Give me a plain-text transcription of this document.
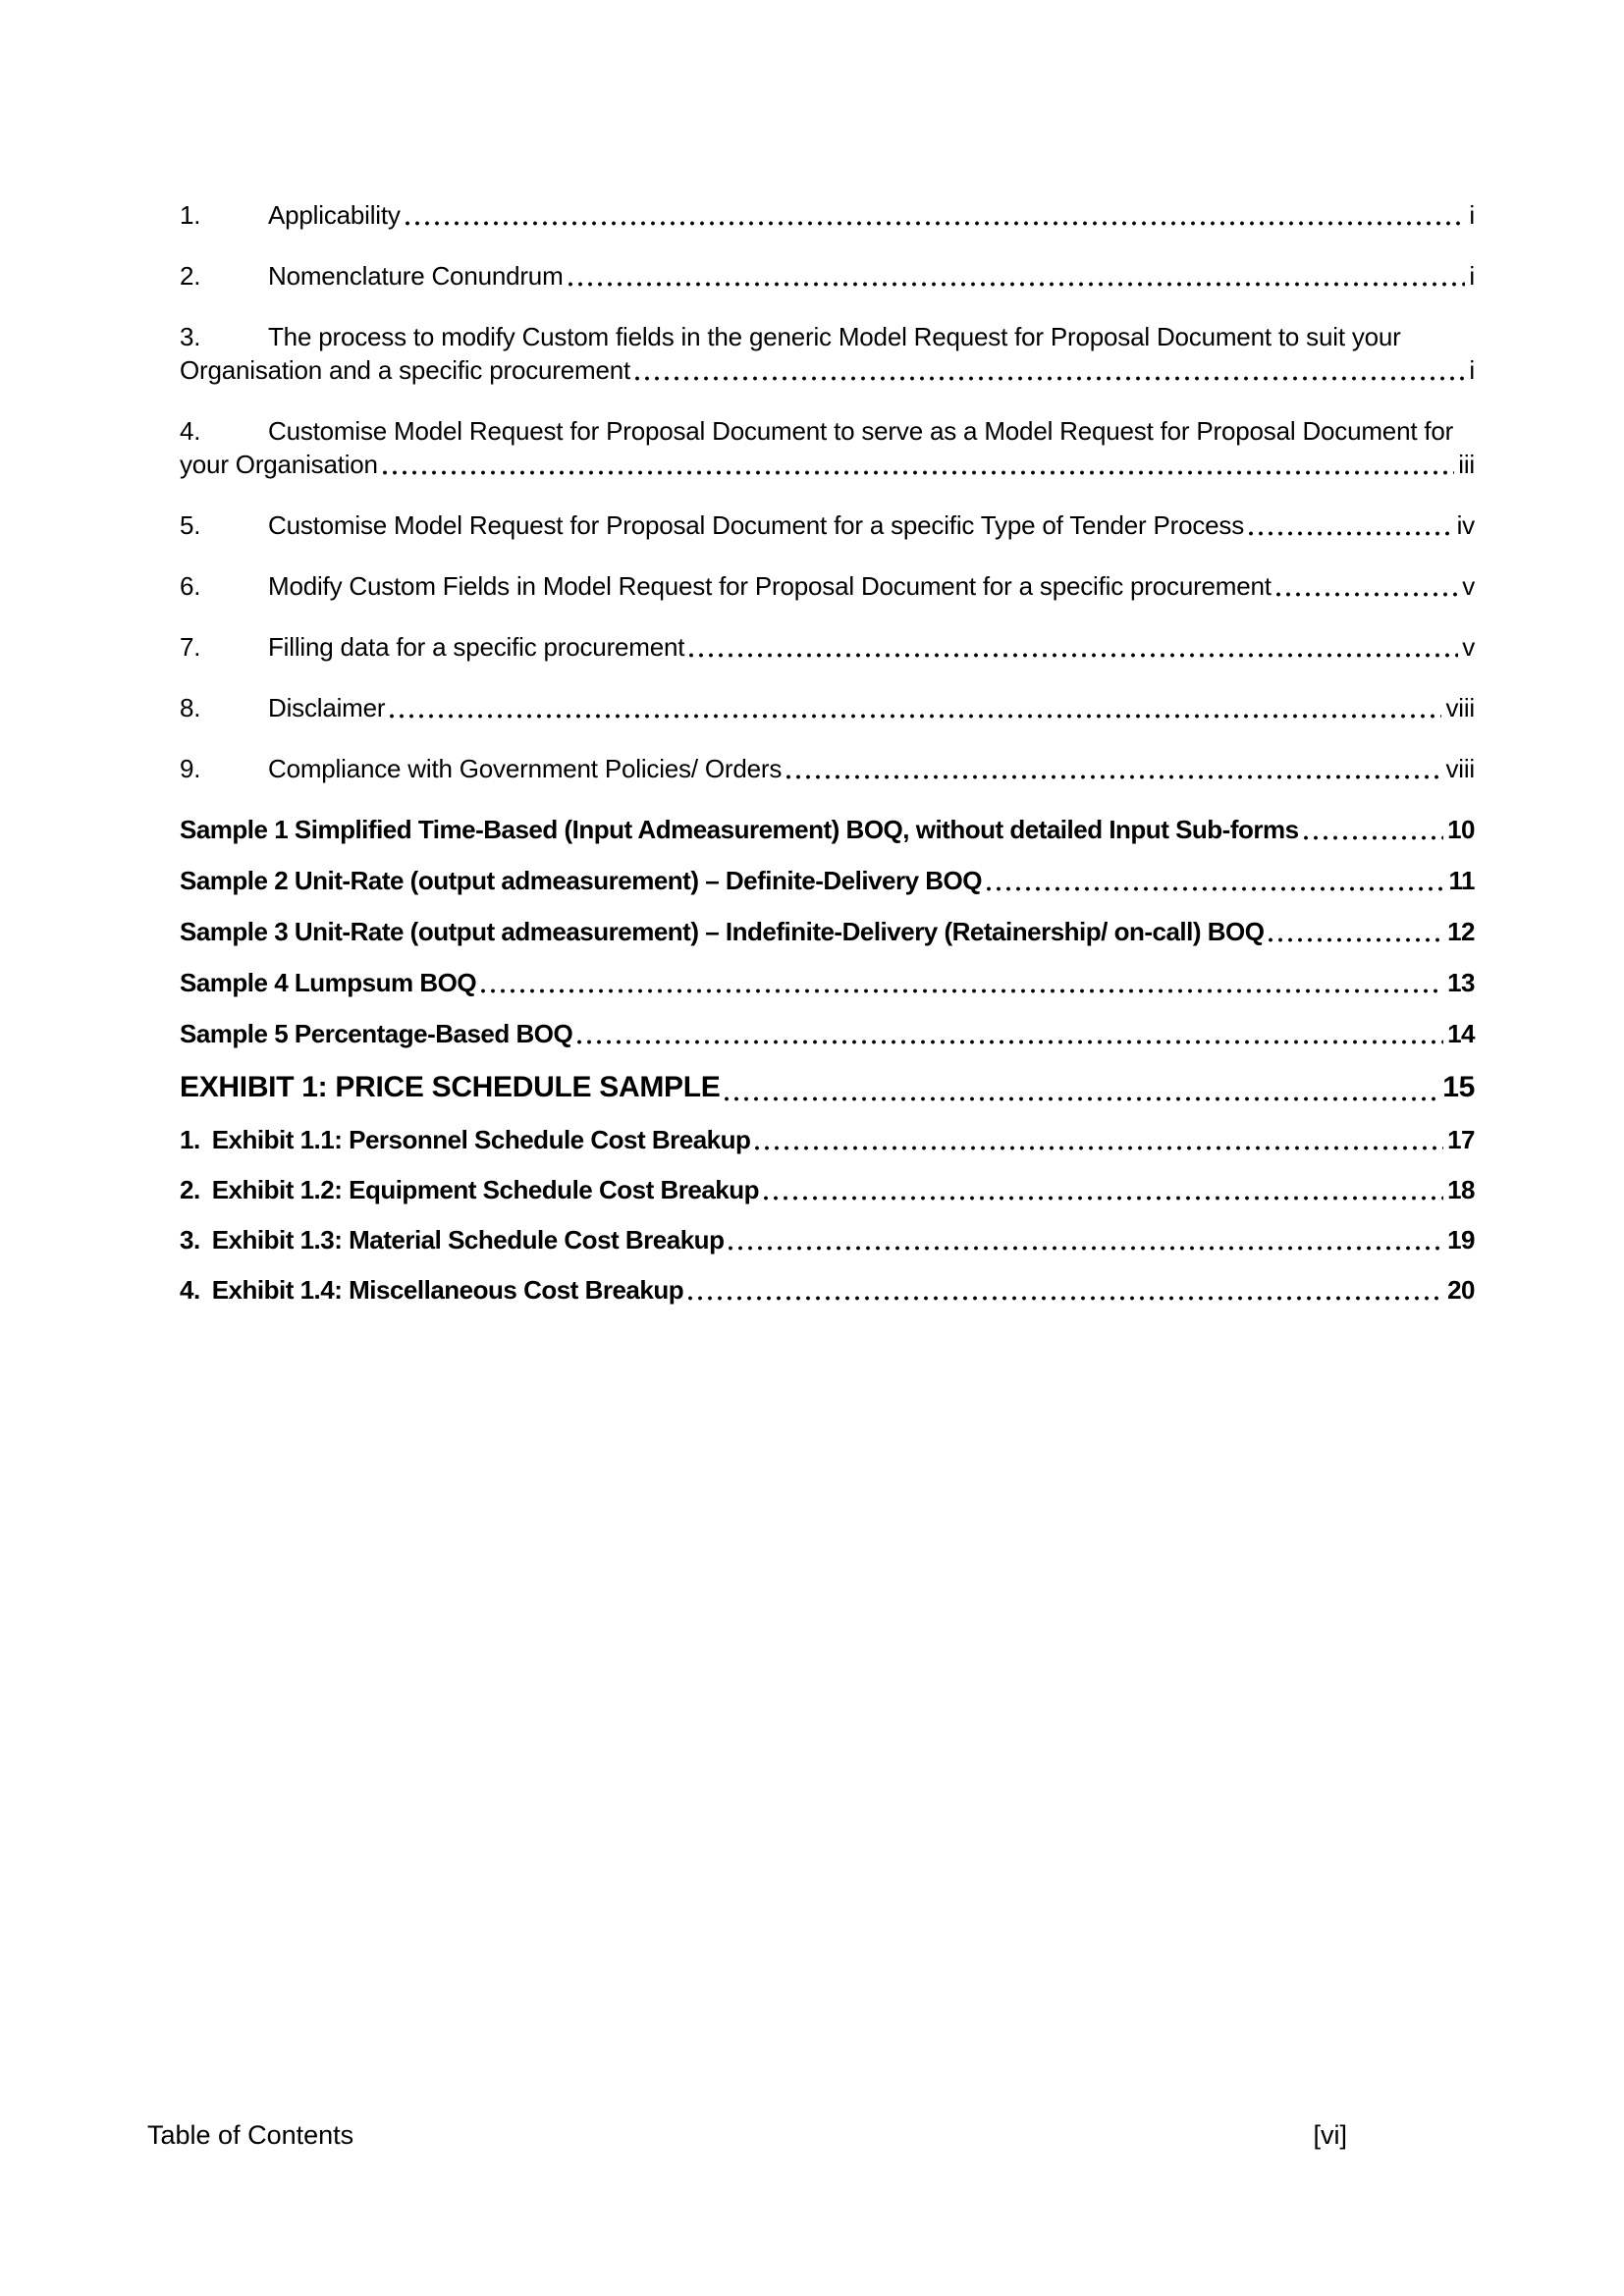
1.	Applicability	i
2.	Nomenclature Conundrum	i
3.	The process to modify Custom fields in the generic Model Request for Proposal Document to suit your
Organisation and a specific procurement	i
4.	Customise Model Request for Proposal Document to serve as a Model Request for Proposal Document for
your Organisation	iii
5.	Customise Model Request for Proposal Document for a specific Type of Tender Process	iv
6.	Modify Custom Fields in Model Request for Proposal Document for a specific procurement	v
7.	Filling data for a specific procurement	v
8.	Disclaimer	viii
9.	Compliance with Government Policies/ Orders	viii
Sample 1 Simplified Time-Based (Input Admeasurement) BOQ, without detailed Input Sub-forms	10
Sample 2 Unit-Rate (output admeasurement) – Definite-Delivery BOQ	11
Sample 3 Unit-Rate (output admeasurement) – Indefinite-Delivery (Retainership/ on-call) BOQ	12
Sample 4 Lumpsum BOQ	13
Sample 5 Percentage-Based BOQ	14
EXHIBIT 1: PRICE SCHEDULE SAMPLE	15
1. Exhibit 1.1: Personnel Schedule Cost Breakup	17
2. Exhibit 1.2: Equipment Schedule Cost Breakup	18
3. Exhibit 1.3: Material Schedule Cost Breakup	19
4. Exhibit 1.4: Miscellaneous Cost Breakup	20
Table of Contents	[vi]
